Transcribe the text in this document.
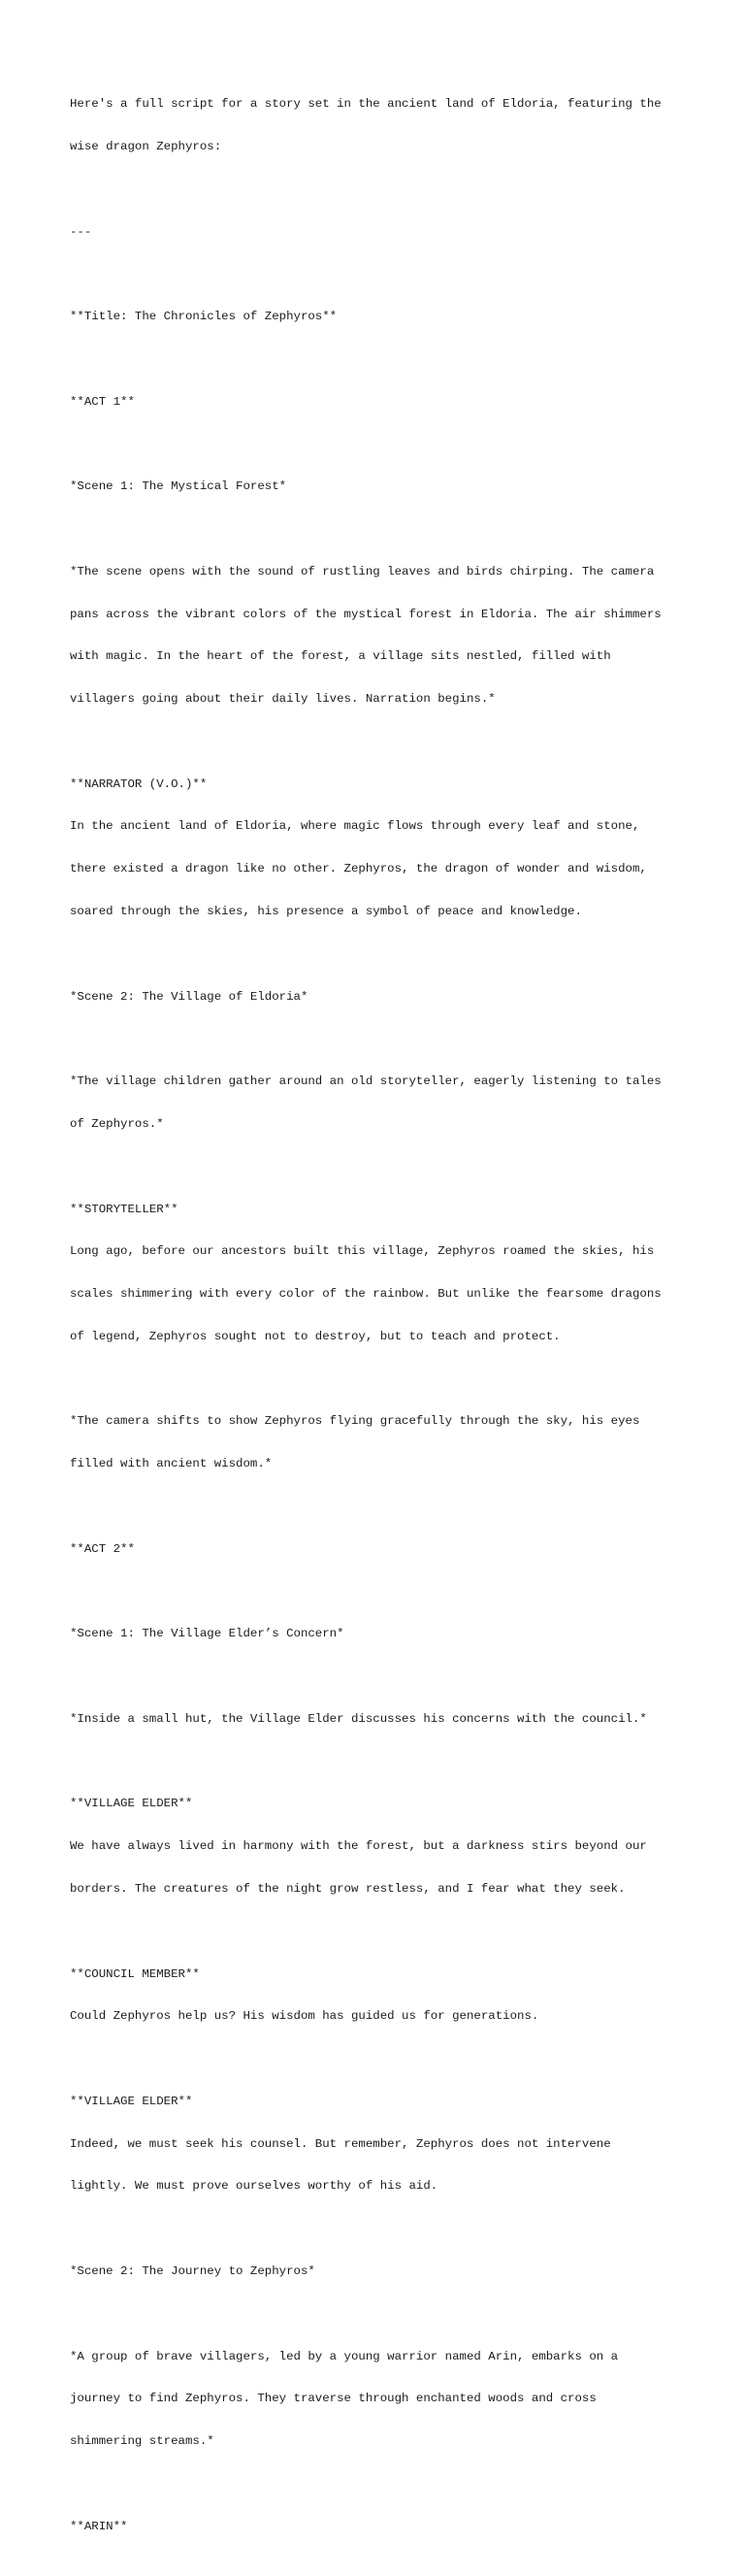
Here's a full script for a story set in the ancient land of Eldoria, featuring the

wise dragon Zephyros:

---

**Title: The Chronicles of Zephyros**

**ACT 1**

*Scene 1: The Mystical Forest*

*The scene opens with the sound of rustling leaves and birds chirping. The camera

pans across the vibrant colors of the mystical forest in Eldoria. The air shimmers

with magic. In the heart of the forest, a village sits nestled, filled with

villagers going about their daily lives. Narration begins.*

**NARRATOR (V.O.)**

In the ancient land of Eldoria, where magic flows through every leaf and stone,

there existed a dragon like no other. Zephyros, the dragon of wonder and wisdom,

soared through the skies, his presence a symbol of peace and knowledge.

*Scene 2: The Village of Eldoria*

*The village children gather around an old storyteller, eagerly listening to tales

of Zephyros.*

**STORYTELLER**

Long ago, before our ancestors built this village, Zephyros roamed the skies, his

scales shimmering with every color of the rainbow. But unlike the fearsome dragons

of legend, Zephyros sought not to destroy, but to teach and protect.

*The camera shifts to show Zephyros flying gracefully through the sky, his eyes

filled with ancient wisdom.*

**ACT 2**

*Scene 1: The Village Elder’s Concern*

*Inside a small hut, the Village Elder discusses his concerns with the council.*

**VILLAGE ELDER**

We have always lived in harmony with the forest, but a darkness stirs beyond our

borders. The creatures of the night grow restless, and I fear what they seek.

**COUNCIL MEMBER**

Could Zephyros help us? His wisdom has guided us for generations.

**VILLAGE ELDER**

Indeed, we must seek his counsel. But remember, Zephyros does not intervene

lightly. We must prove ourselves worthy of his aid.

*Scene 2: The Journey to Zephyros*

*A group of brave villagers, led by a young warrior named Arin, embarks on a

journey to find Zephyros. They traverse through enchanted woods and cross

shimmering streams.*

**ARIN**
